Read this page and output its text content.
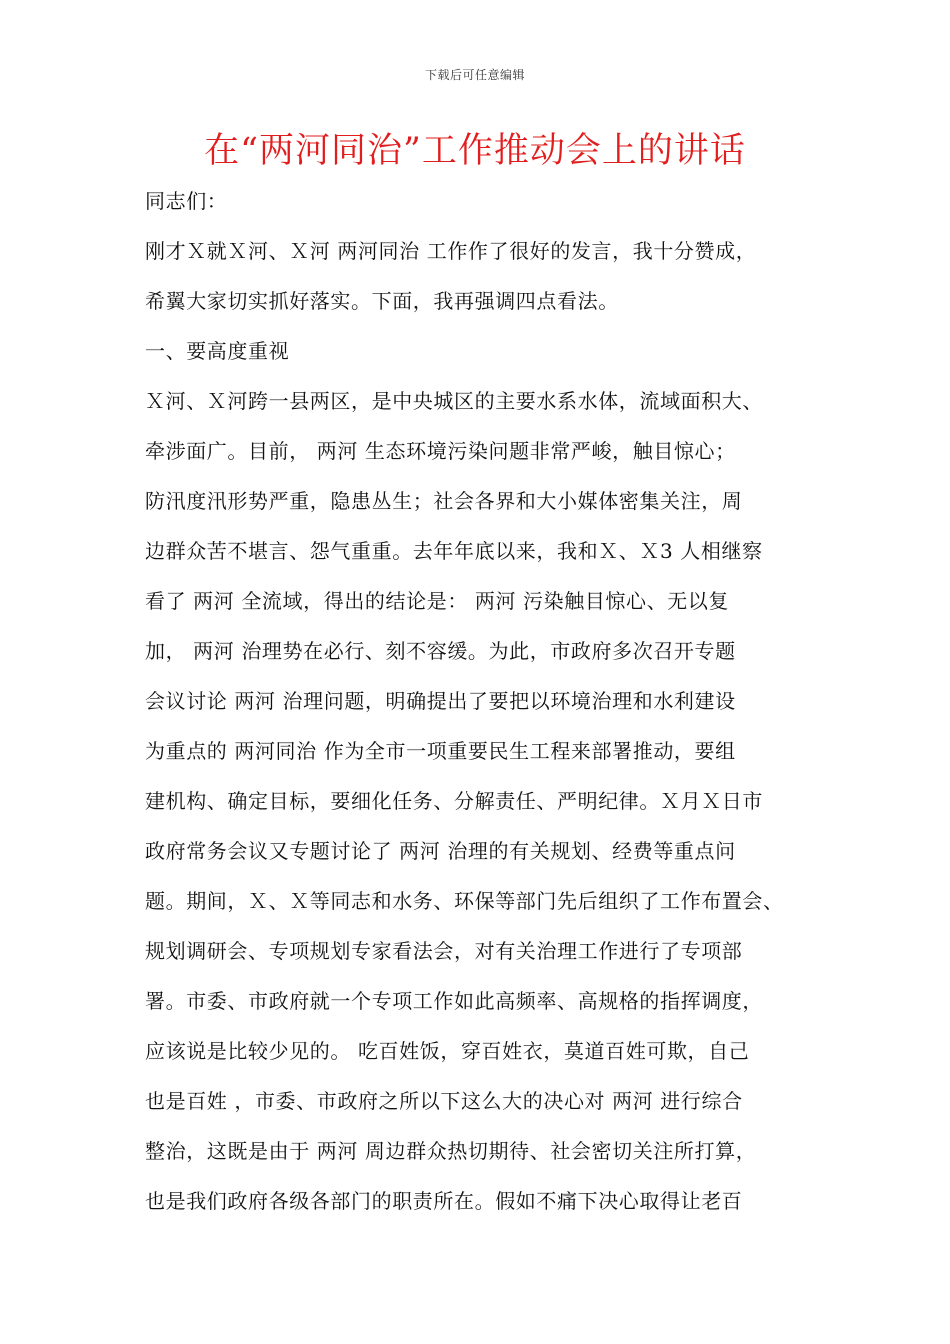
下载后可任意编辑
在“两河同治”工作推动会上的讲话
同志们：
刚才Ｘ就Ｘ河、Ｘ河 两河同治 工作作了很好的发言，我十分赞成，
希翼大家切实抓好落实。下面，我再强调四点看法。
一、要高度重视
Ｘ河、Ｘ河跨一县两区，是中央城区的主要水系水体，流域面积大、
牵涉面广。目前， 两河 生态环境污染问题非常严峻，触目惊心；
防汛度汛形势严重，隐患丛生；社会各界和大小媒体密集关注，周
边群众苦不堪言、怨气重重。去年年底以来，我和Ｘ、Ｘ3 人相继察
看了 两河 全流域，得出的结论是： 两河 污染触目惊心、无以复
加， 两河 治理势在必行、刻不容缓。为此，市政府多次召开专题
会议讨论 两河 治理问题，明确提出了要把以环境治理和水利建设
为重点的 两河同治 作为全市一项重要民生工程来部署推动，要组
建机构、确定目标，要细化任务、分解责任、严明纪律。Ｘ月Ｘ日市
政府常务会议又专题讨论了 两河 治理的有关规划、经费等重点问
题。期间，Ｘ、Ｘ等同志和水务、环保等部门先后组织了工作布置会、
规划调研会、专项规划专家看法会，对有关治理工作进行了专项部
署。市委、市政府就一个专项工作如此高频率、高规格的指挥调度，
应该说是比较少见的。 吃百姓饭，穿百姓衣，莫道百姓可欺，自己
也是百姓 ，市委、市政府之所以下这么大的决心对 两河 进行综合
整治，这既是由于 两河 周边群众热切期待、社会密切关注所打算，
也是我们政府各级各部门的职责所在。假如不痛下决心取得让老百
